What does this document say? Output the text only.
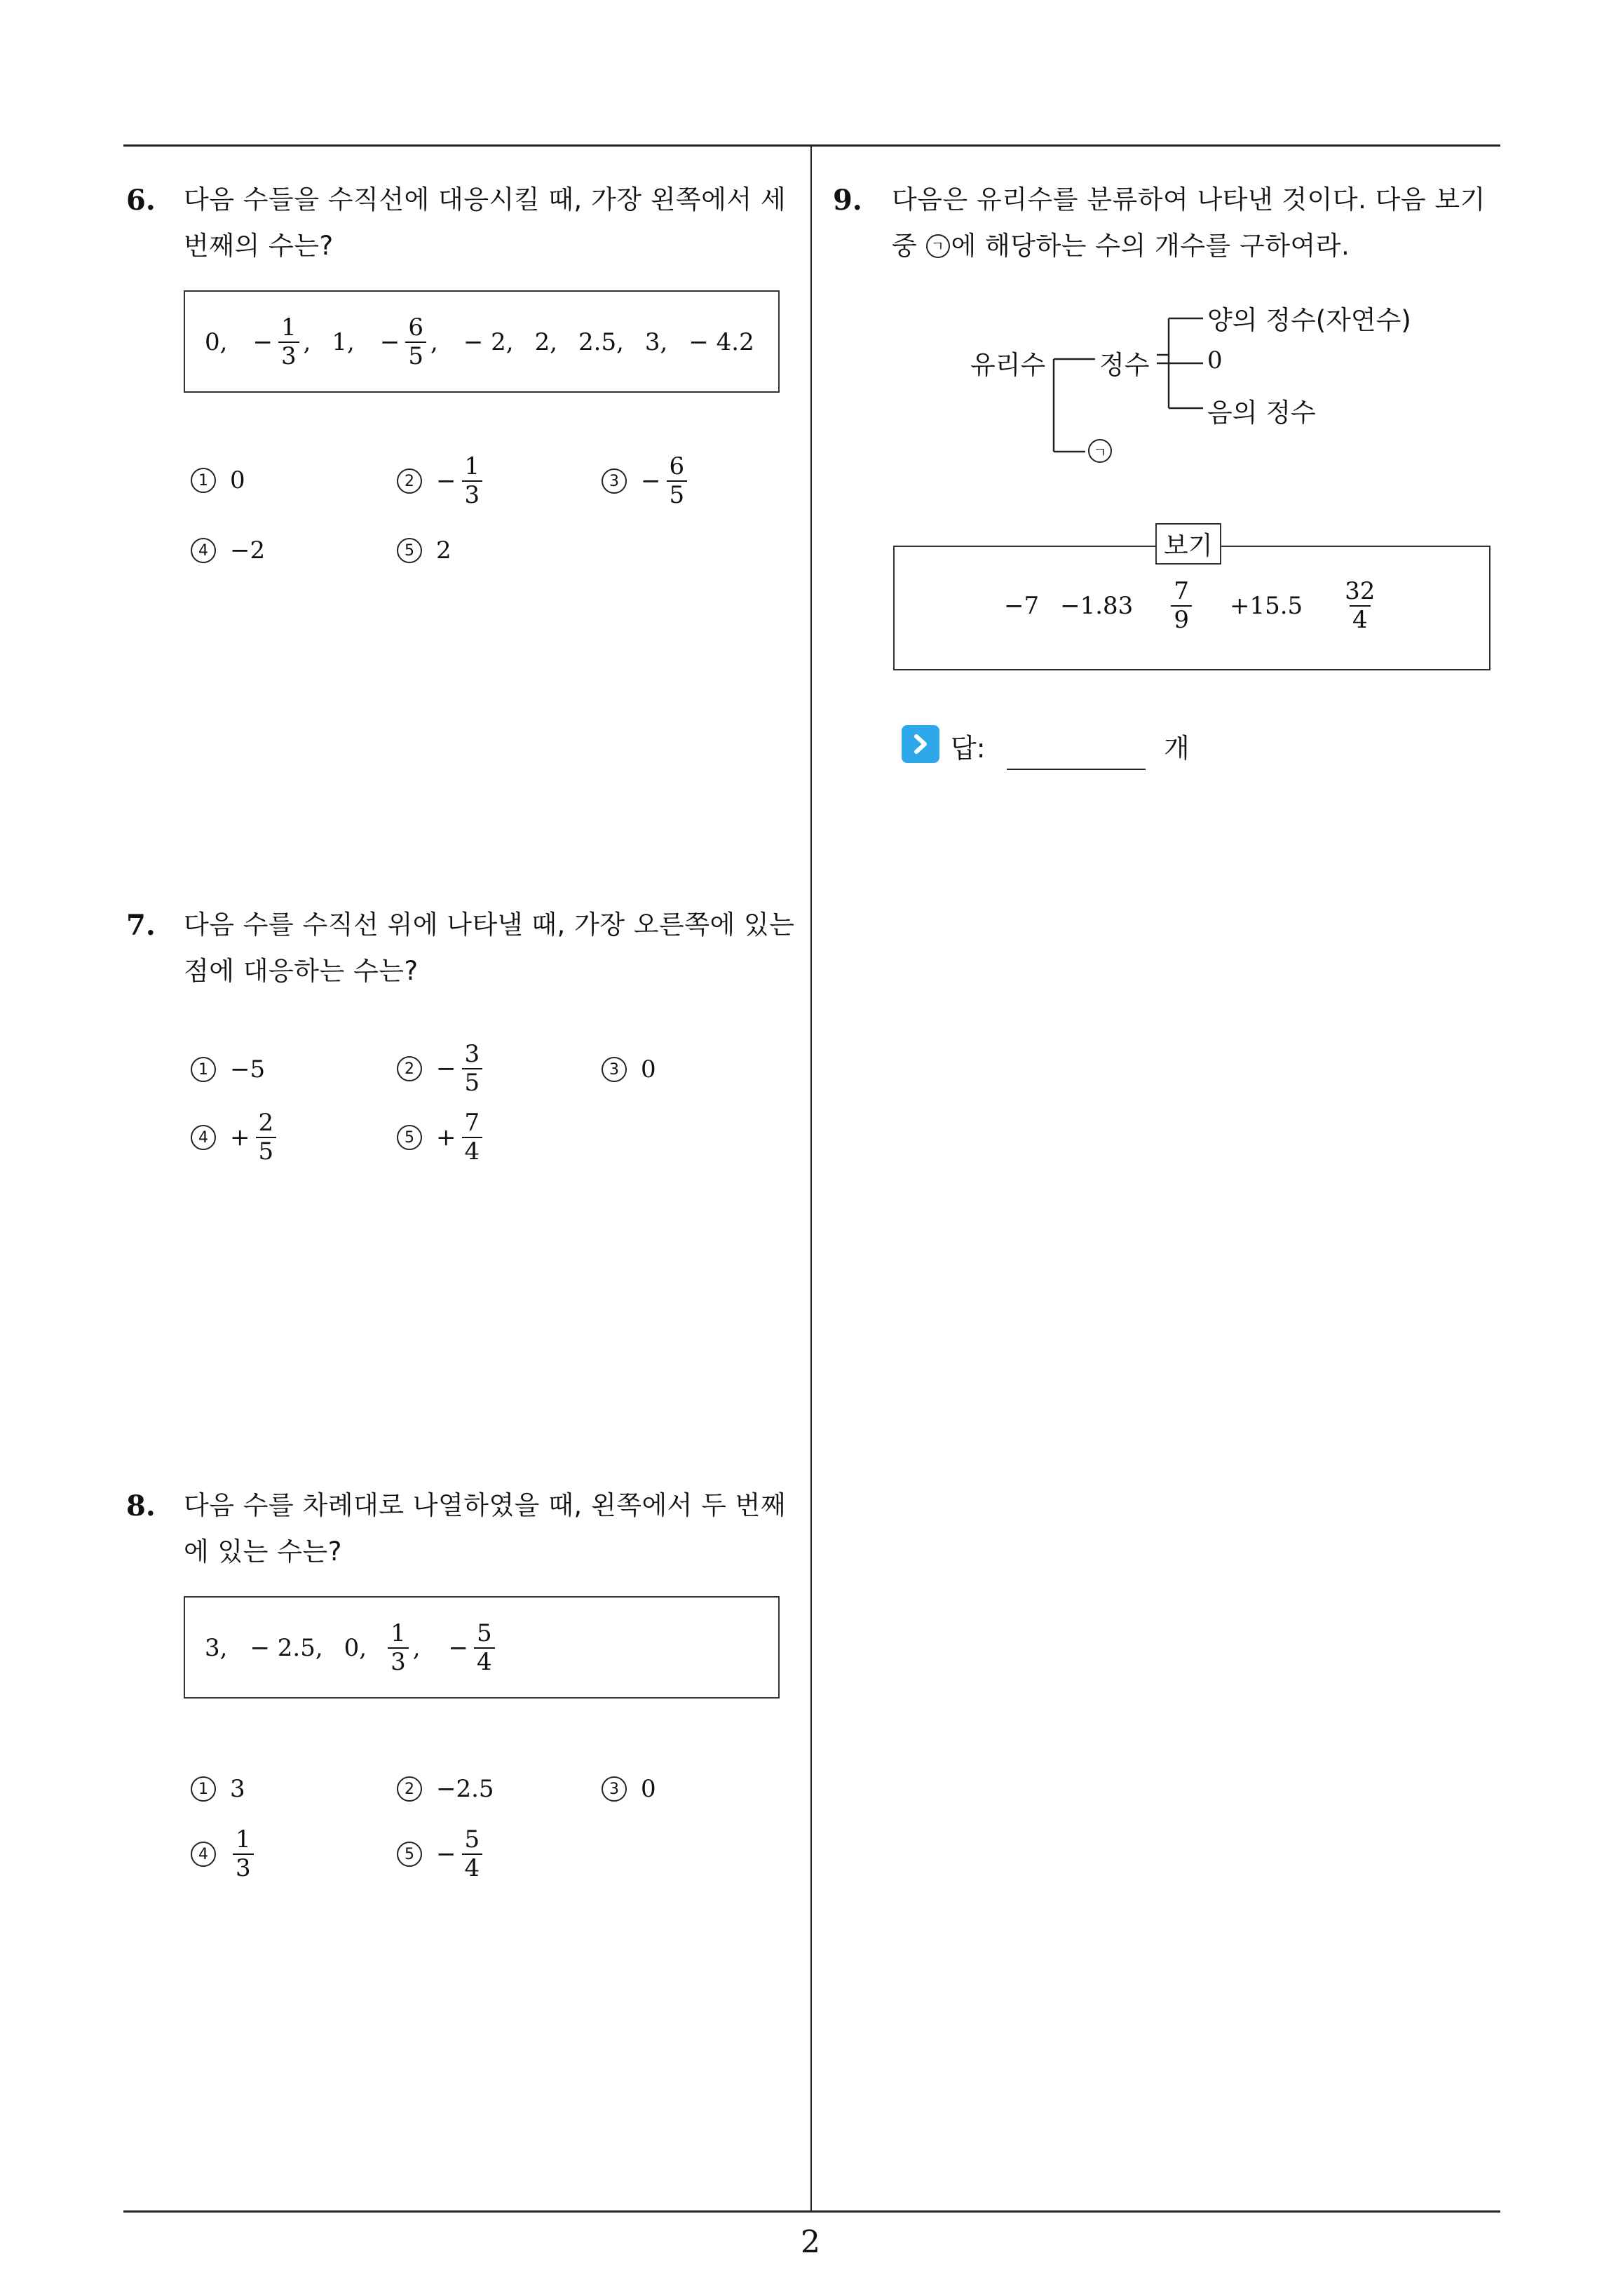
2
6. 다음 수들을 수직선에 대응시킬 때, 가장 왼쪽에서 세
번째의 수는?
0, − $\frac{1}{3}$ , 1, − $\frac{6}{5}$ , − 2, 2, 2.5, 3, − 4.2
1 0	$2 - \frac{1}{3}$	$3 - \frac{6}{5}$
4 −2	5 2
7. 다음 수를 수직선 위에 나타낼 때, 가장 오른쪽에 있는
점에 대응하는 수는?
1 −5	$2 - \frac{3}{5}$	3 0
$4 + \frac{2}{5}$	$5 + \frac{7}{4}$
8. 다음 수를 차례대로 나열하였을 때, 왼쪽에서 두 번째
에 있는 수는?
3, − 2.5, 0, $\frac{1}{3}$ , − $\frac{5}{4}$
1 3	2 −2.5	3 0
4	$\frac{1}{3}$	$5 - \frac{5}{4}$
9. 다음은 유리수를 분류하여 나타낸 것이다. 다음 보기
중 ㄱ 에 해당하는 수의 개수를 구하여라.
유리수 정수
양의 정수(자연수)
0
음의 정수
ㄱ
보기
$-7 -1.83 \frac{7}{9} +15.5 \frac{32}{4}$
답:	개
